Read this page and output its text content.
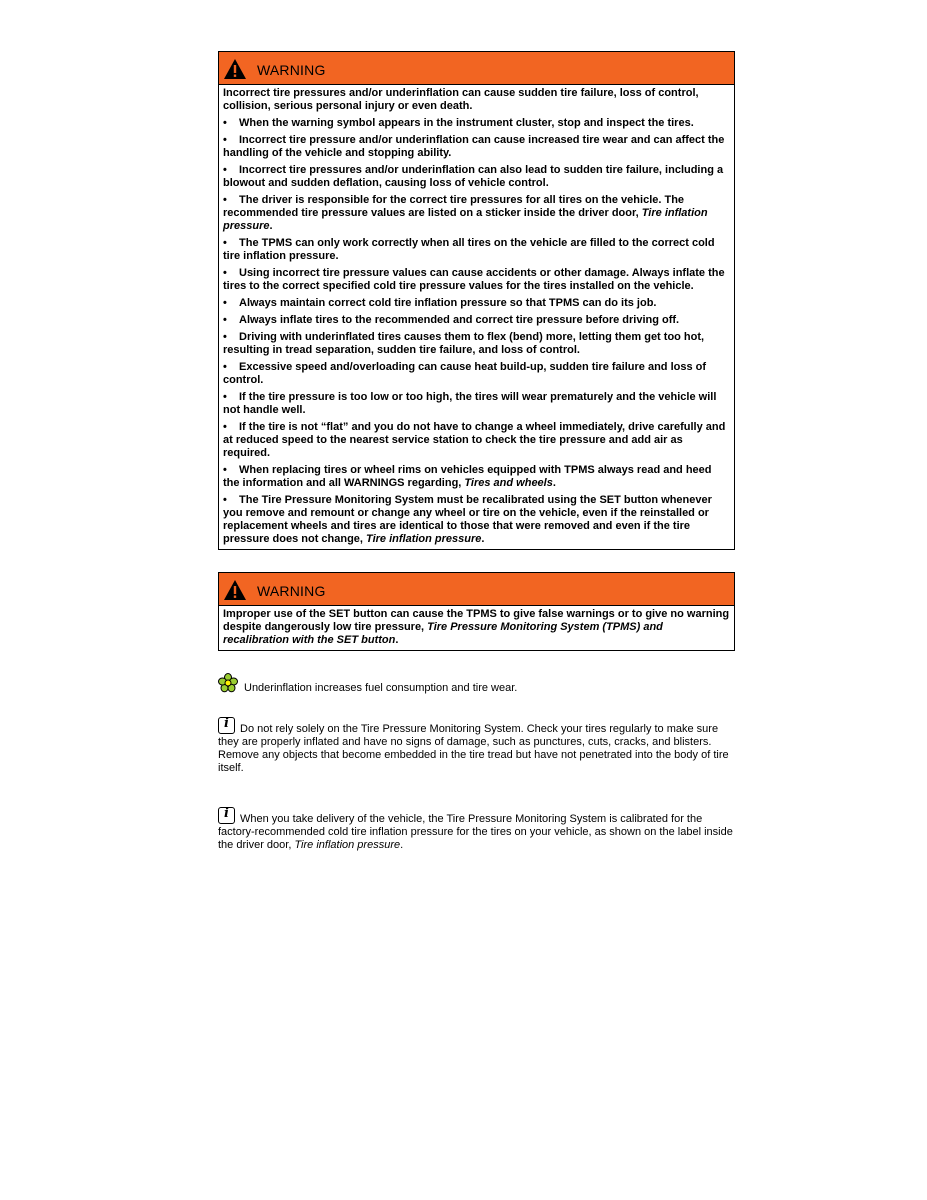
WARNING

Incorrect tire pressures and/or underinflation can cause sudden tire failure, loss of control, collision, serious personal injury or even death.

• When the warning symbol appears in the instrument cluster, stop and inspect the tires.

• Incorrect tire pressure and/or underinflation can cause increased tire wear and can affect the handling of the vehicle and stopping ability.

• Incorrect tire pressures and/or underinflation can also lead to sudden tire failure, including a blowout and sudden deflation, causing loss of vehicle control.

• The driver is responsible for the correct tire pressures for all tires on the vehicle. The recommended tire pressure values are listed on a sticker inside the driver door, Tire inflation pressure.

• The TPMS can only work correctly when all tires on the vehicle are filled to the correct cold tire inflation pressure.

• Using incorrect tire pressure values can cause accidents or other damage. Always inflate the tires to the correct specified cold tire pressure values for the tires installed on the vehicle.

• Always maintain correct cold tire inflation pressure so that TPMS can do its job.

• Always inflate tires to the recommended and correct tire pressure before driving off.

• Driving with underinflated tires causes them to flex (bend) more, letting them get too hot, resulting in tread separation, sudden tire failure, and loss of control.

• Excessive speed and/overloading can cause heat build-up, sudden tire failure and loss of control.

• If the tire pressure is too low or too high, the tires will wear prematurely and the vehicle will not handle well.

• If the tire is not “flat” and you do not have to change a wheel immediately, drive carefully and at reduced speed to the nearest service station to check the tire pressure and add air as required.

• When replacing tires or wheel rims on vehicles equipped with TPMS always read and heed the information and all WARNINGS regarding, Tires and wheels.

• The Tire Pressure Monitoring System must be recalibrated using the SET button whenever you remove and remount or change any wheel or tire on the vehicle, even if the reinstalled or replacement wheels and tires are identical to those that were removed and even if the tire pressure does not change, Tire inflation pressure.

WARNING

Improper use of the SET button can cause the TPMS to give false warnings or to give no warning despite dangerously low tire pressure, Tire Pressure Monitoring System (TPMS) and recalibration with the SET button.

Underinflation increases fuel consumption and tire wear.
iDo not rely solely on the Tire Pressure Monitoring System. Check your tires regularly to make sure they are properly inflated and have no signs of damage, such as punctures, cuts, cracks, and blisters. Remove any objects that become embedded in the tire tread but have not penetrated into the body of tire itself.
iWhen you take delivery of the vehicle, the Tire Pressure Monitoring System is calibrated for the factory-recommended cold tire inflation pressure for the tires on your vehicle, as shown on the label inside the driver door, Tire inflation pressure.
